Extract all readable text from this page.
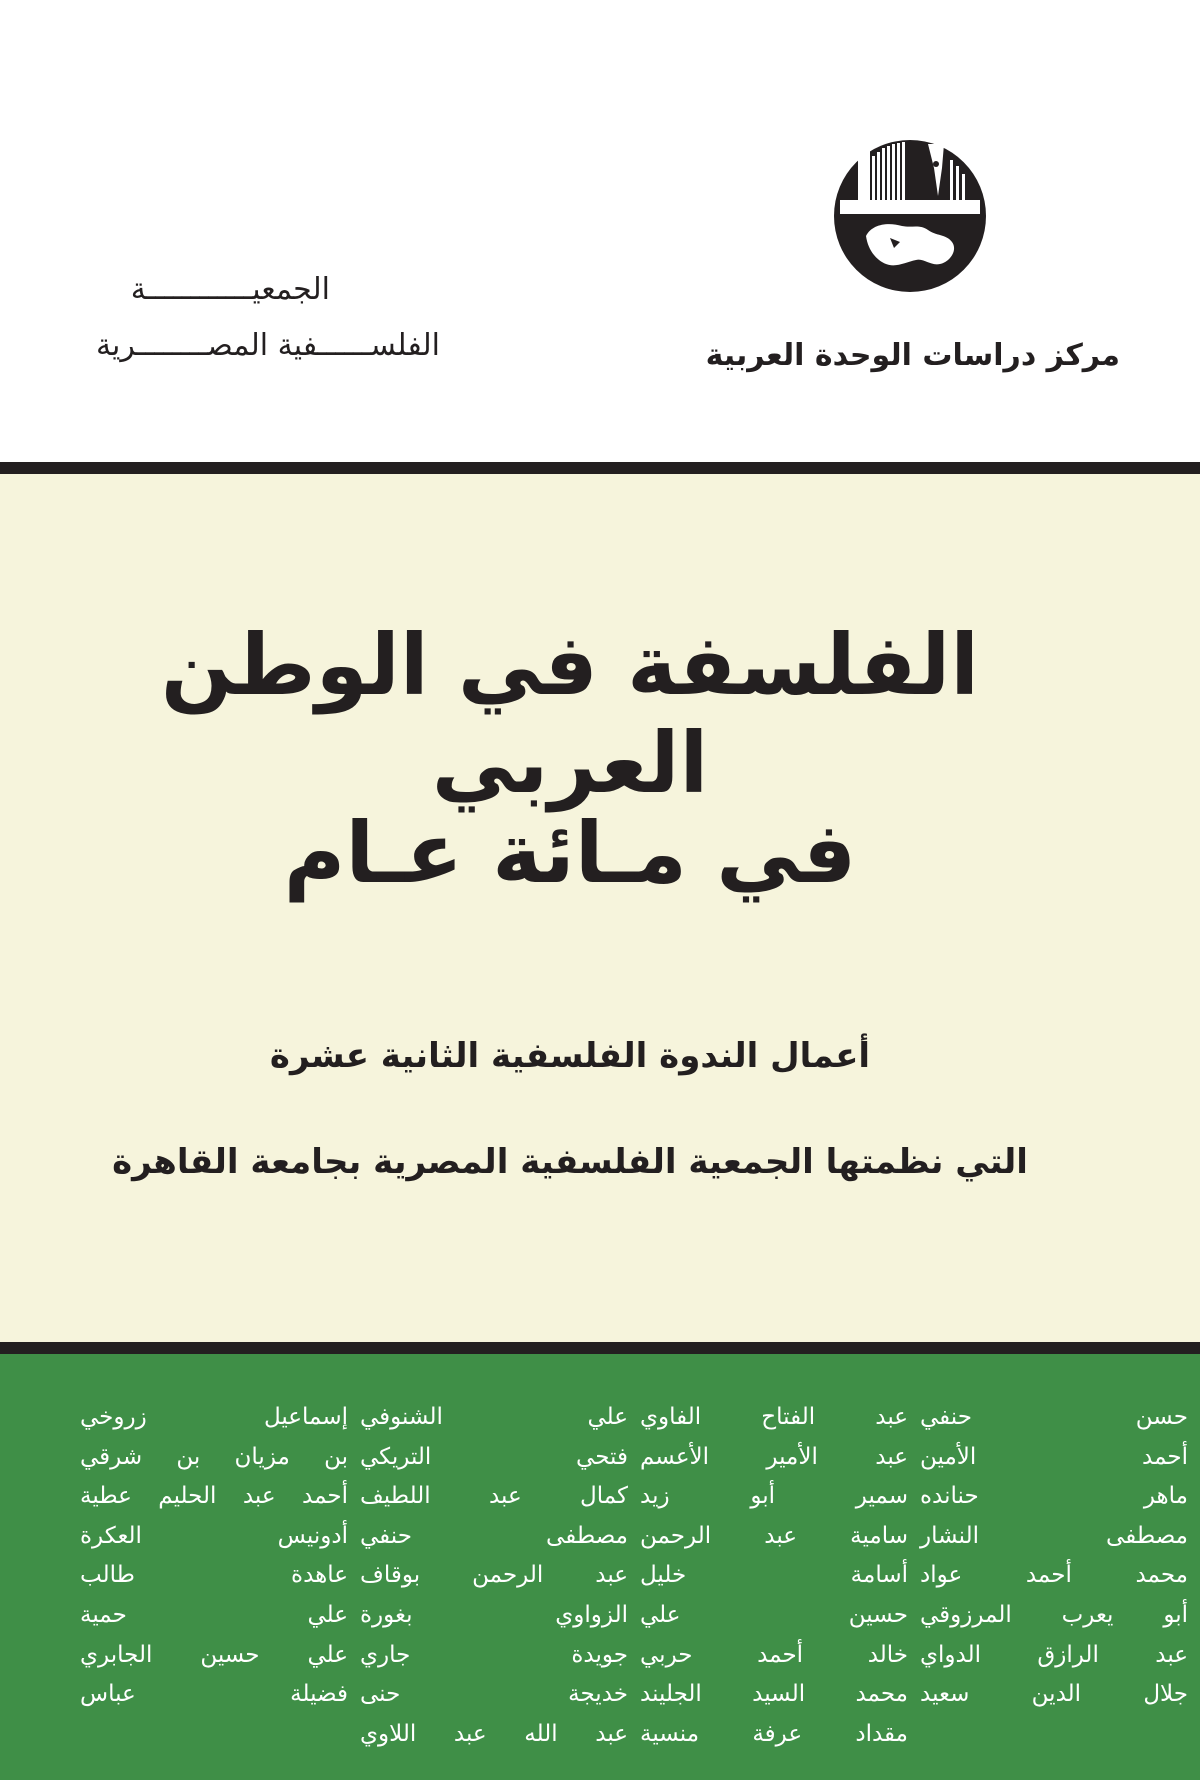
مركز دراسات الوحدة العربية
الجمعيــــــــــــة
الفلســــــفية المصــــــــرية
الفلسفة في الوطن العربي
في مـائة عـام
أعمال الندوة الفلسفية الثانية عشرة
التي نظمتها الجمعية الفلسفية المصرية بجامعة القاهرة
حسن حنفي
أحمد الأمين
ماهر حنانده
مصطفى النشار
محمد أحمد عواد
أبو يعرب المرزوقي
عبد الرازق الدواي
جلال الدين سعيد
عبد الفتاح الفاوي
عبد الأمير الأعسم
سمير أبو زيد
سامية عبد الرحمن
أسامة خليل
حسين علي
خالد أحمد حربي
محمد السيد الجليند
مقداد عرفة منسية
علي الشنوفي
فتحي التريكي
كمال عبد اللطيف
مصطفى حنفي
عبد الرحمن بوقاف
الزواوي بغورة
جويدة جاري
خديجة حنى
عبد الله عبد اللاوي
إسماعيل زروخي
بن مزيان بن شرقي
أحمد عبد الحليم عطية
أدونيس العكرة
عاهدة طالب
علي حمية
علي حسين الجابري
فضيلة عباس
